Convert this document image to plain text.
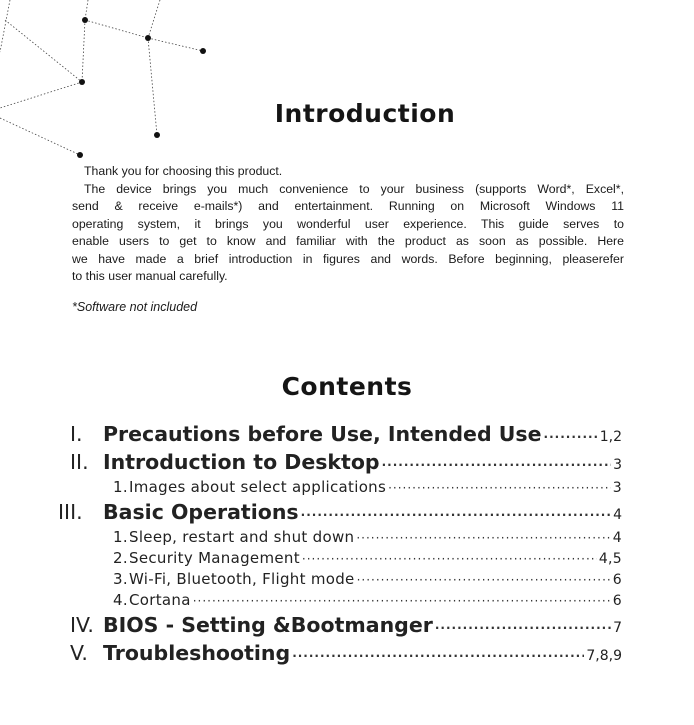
Introduction

Thank you for choosing this product.

The device brings you much convenience to your business (supports Word*, Excel*,

send & receive e-mails*) and entertainment. Running on Microsoft Windows 11

operating system, it brings you wonderful user experience. This guide serves to

enable users to get to know and familiar with the product as soon as possible. Here

we have made a brief introduction in figures and words. Before beginning, pleaserefer

to this user manual carefully.

*Software not included
Contents
I. Precautions before Use, Intended Use ·····	1,2
II. Introduction to Desktop ·····	3
1. Images about select applications ·····	3
III. Basic Operations ·····	4
1. Sleep, restart and shut down ·····	4
2. Security Management ·····	4,5
3. Wi-Fi, Bluetooth, Flight mode ·····	6
4. Cortana ·····	6
IV. BIOS - Setting &Bootmanger ·····	7
V. Troubleshooting ·····	7,8,9
